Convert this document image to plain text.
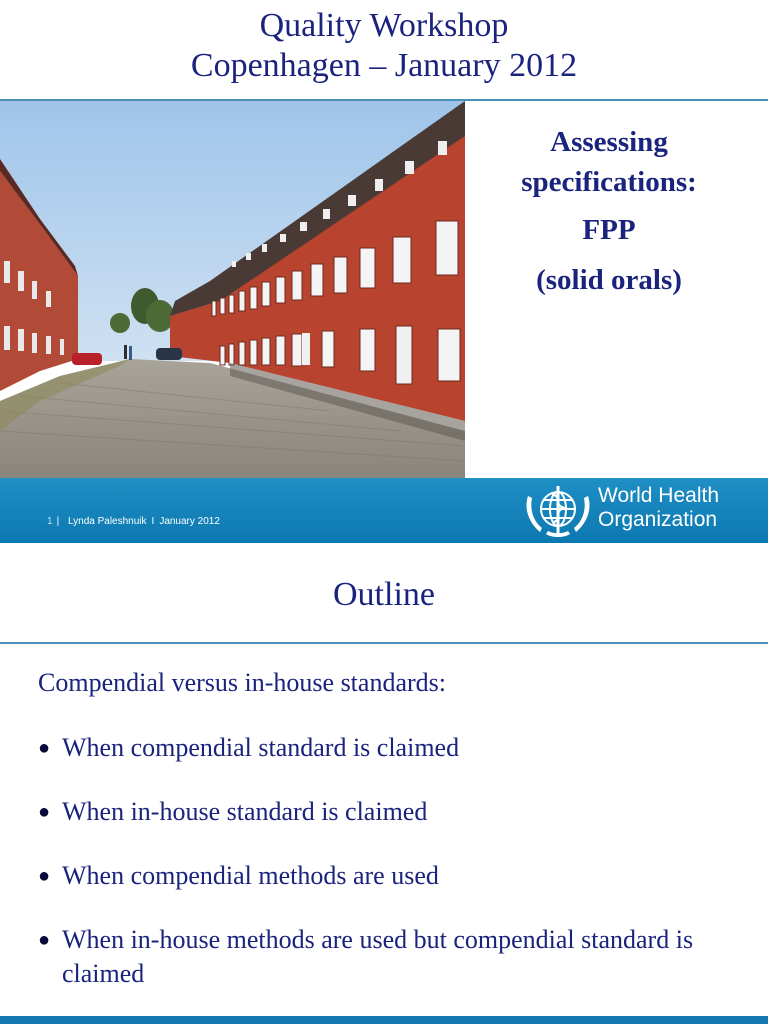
Quality Workshop
Copenhagen – January 2012
Assessing
specifications:
FPP
(solid orals)
1 | Lynda Paleshnuik I January 2012
World Health
Organization
Outline
Compendial versus in-house standards:
● When compendial standard is claimed
● When in-house standard is claimed
● When compendial methods are used
● When in-house methods are used but compendial standard is claimed
